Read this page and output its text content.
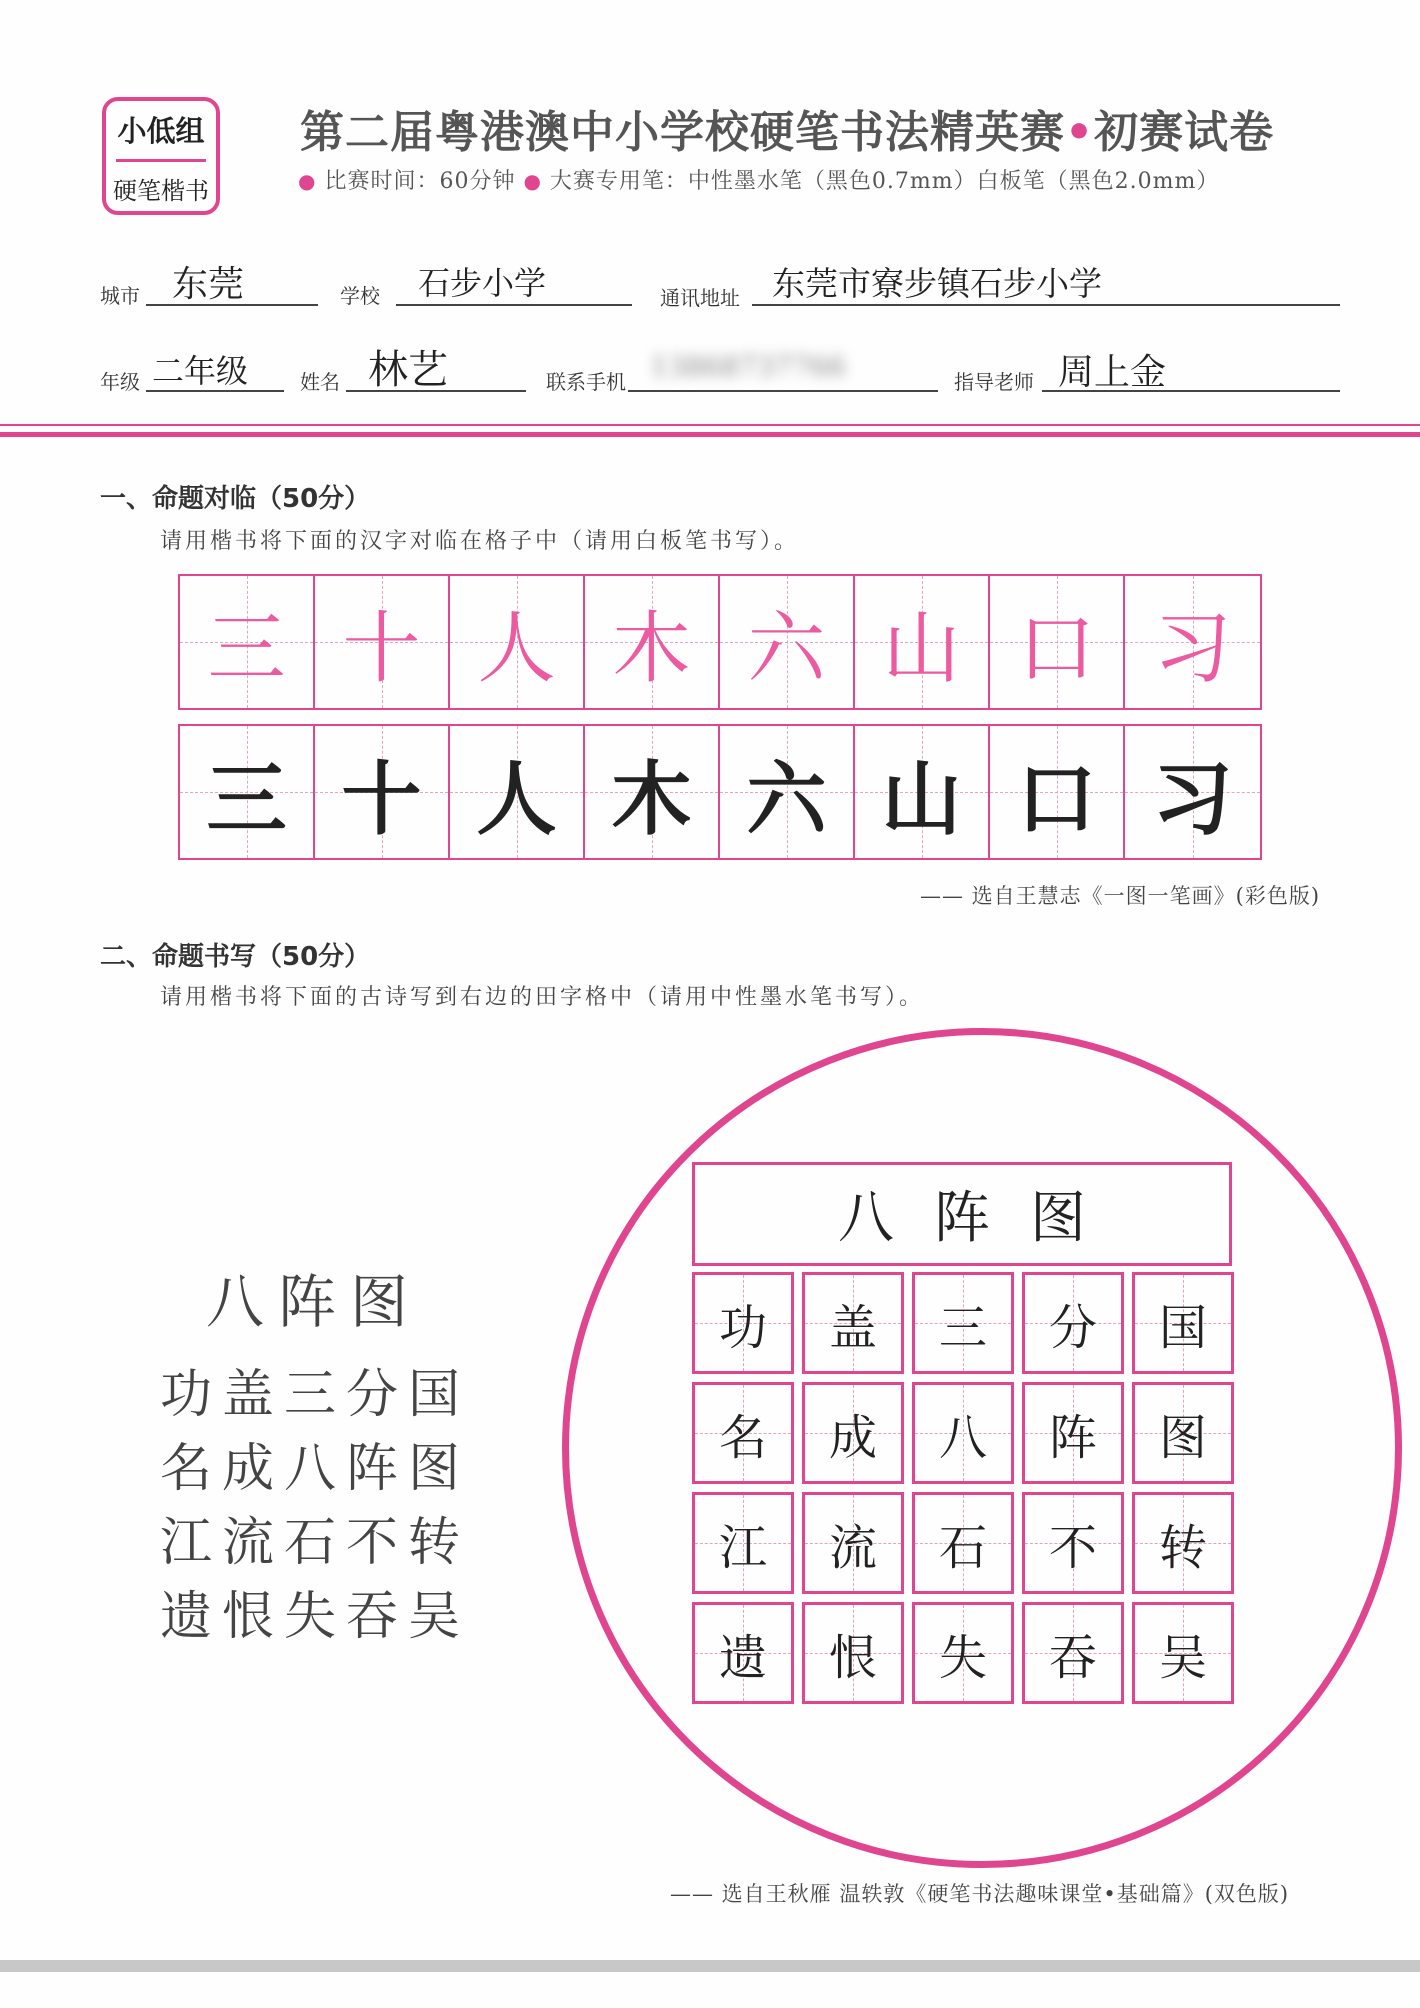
小低组
硬笔楷书
第二届粤港澳中小学校硬笔书法精英赛•初赛试卷
● 比赛时间：60分钟 ● 大赛专用笔：中性墨水笔（黑色0.7mm）白板笔（黑色2.0mm）
城市 东莞	学校 石步小学	通讯地址 东莞市寮步镇石步小学
年级 二年级	姓名 林艺	联系手机 13868737766	指导老师 周上金
一、命题对临（50分）
请用楷书将下面的汉字对临在格子中（请用白板笔书写）。
三 十 人 木 六 山 口 习
三 十 人 木 六 山 口 习
—— 选自王慧志《一图一笔画》(彩色版)
二、命题书写（50分）
请用楷书将下面的古诗写到右边的田字格中（请用中性墨水笔书写）。
八阵图
功盖三分国
名成八阵图
江流石不转
遗恨失吞吴
八阵图
功 盖 三 分 国
名 成 八 阵 图
江 流 石 不 转
遗 恨 失 吞 吴
—— 选自王秋雁 温轶敦《硬笔书法趣味课堂•基础篇》(双色版)
